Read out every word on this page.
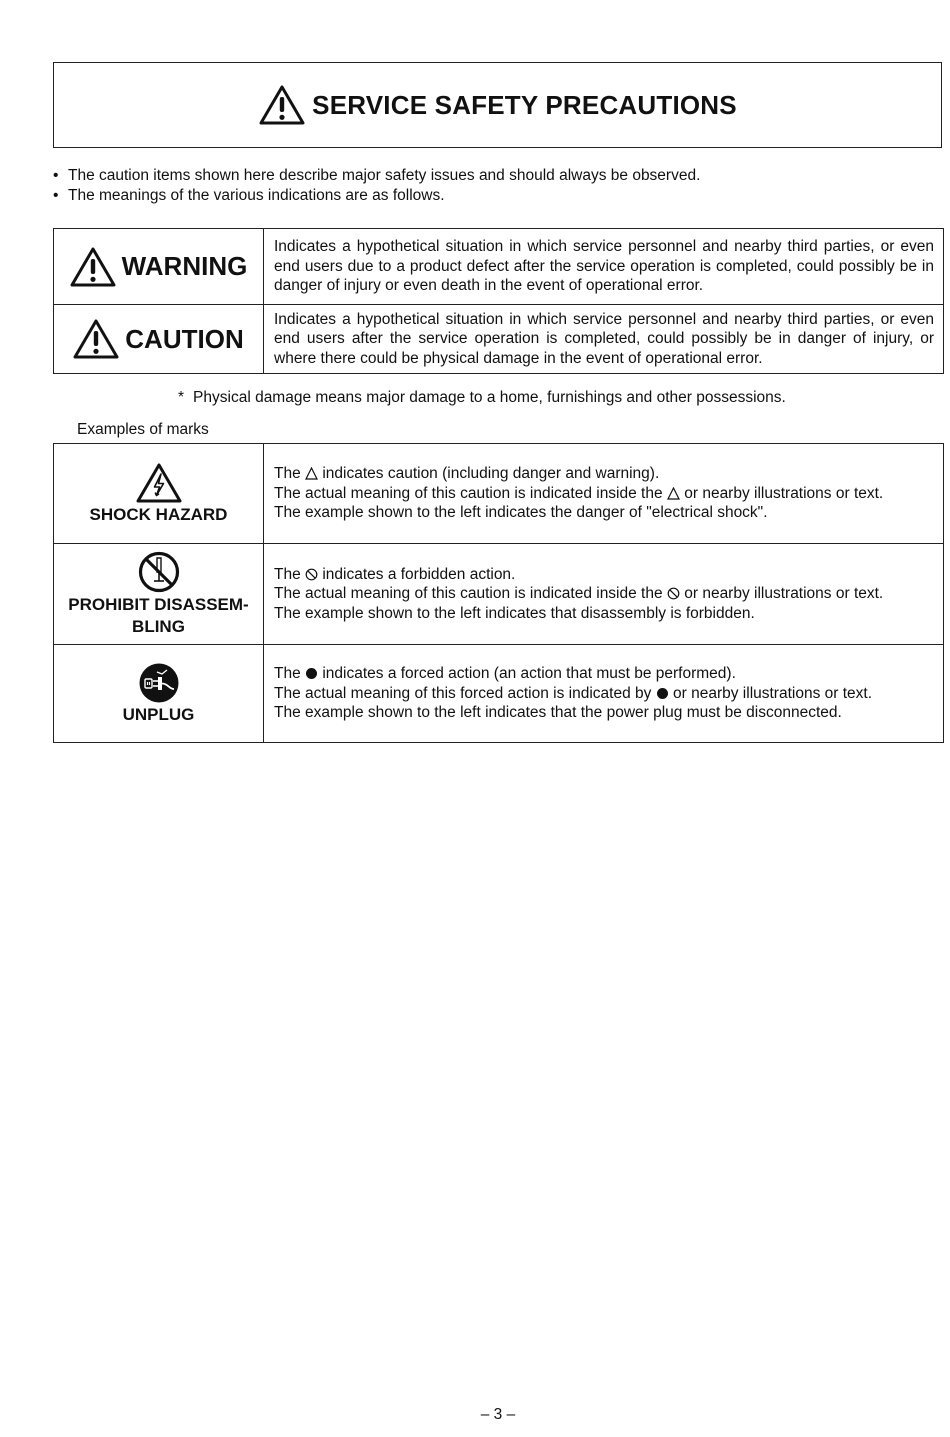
SERVICE SAFETY PRECAUTIONS
• The caution items shown here describe major safety issues and should always be observed.
• The meanings of the various indications are as follows.
WARNING	Indicates a hypothetical situation in which service personnel and nearby third parties, or even end users due to a product defect after the service operation is completed, could possibly be in danger of injury or even death in the event of operational error.

CAUTION	Indicates a hypothetical situation in which service personnel and nearby third parties, or even end users after the service operation is completed, could possibly be in danger of injury, or where there could be physical damage in the event of operational error.
* Physical damage means major damage to a home, furnishings and other possessions.
Examples of marks
SHOCK HAZARD	The indicates caution (including danger and warning).
The actual meaning of this caution is indicated inside the or nearby illustrations or text.
The example shown to the left indicates the danger of "electrical shock".

PROHIBIT DISASSEM-
BLING	The indicates a forbidden action.
The actual meaning of this caution is indicated inside the or nearby illustrations or text.
The example shown to the left indicates that disassembly is forbidden.

UNPLUG	The indicates a forced action (an action that must be performed).
The actual meaning of this forced action is indicated by or nearby illustrations or text.
The example shown to the left indicates that the power plug must be disconnected.
– 3 –
